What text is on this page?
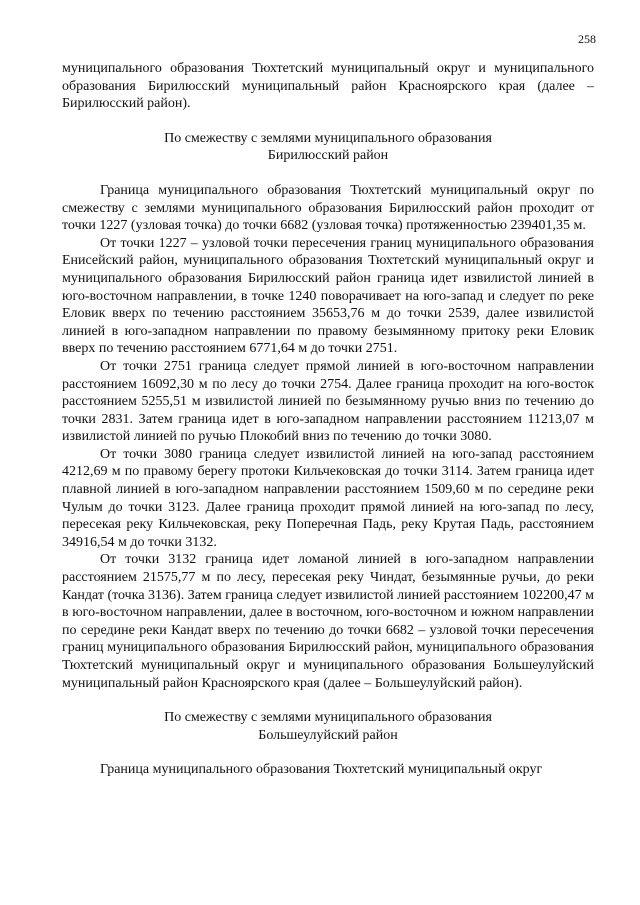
258

муниципального образования Тюхтетский муниципальный округ и муниципального образования Бирилюсский муниципальный район Красноярского края (далее – Бирилюсский район).

По смежеству с землями муниципального образования

Бирилюсский район

Граница муниципального образования Тюхтетский муниципальный округ по смежеству с землями муниципального образования Бирилюсский район проходит от точки 1227 (узловая точка) до точки 6682 (узловая точка) протяженностью 239401,35 м.

От точки 1227 – узловой точки пересечения границ муниципального образования Енисейский район, муниципального образования Тюхтетский муниципальный округ и муниципального образования Бирилюсский район граница идет извилистой линией в юго-восточном направлении, в точке 1240 поворачивает на юго-запад и следует по реке Еловик вверх по течению расстоянием 35653,76 м до точки 2539, далее извилистой линией в юго-западном направлении по правому безымянному притоку реки Еловик вверх по течению расстоянием 6771,64 м до точки 2751.

От точки 2751 граница следует прямой линией в юго-восточном направлении расстоянием 16092,30 м по лесу до точки 2754. Далее граница проходит на юго-восток расстоянием 5255,51 м извилистой линией по безымянному ручью вниз по течению до точки 2831. Затем граница идет в юго-западном направлении расстоянием 11213,07 м извилистой линией по ручью Плокобий вниз по течению до точки 3080.

От точки 3080 граница следует извилистой линией на юго-запад расстоянием 4212,69 м по правому берегу протоки Кильчековская до точки 3114. Затем граница идет плавной линией в юго-западном направлении расстоянием 1509,60 м по середине реки Чулым до точки 3123. Далее граница проходит прямой линией на юго-запад по лесу, пересекая реку Кильчековская, реку Поперечная Падь, реку Крутая Падь, расстоянием 34916,54 м до точки 3132.

От точки 3132 граница идет ломаной линией в юго-западном направлении расстоянием 21575,77 м по лесу, пересекая реку Чиндат, безымянные ручьи, до реки Кандат (точка 3136). Затем граница следует извилистой линией расстоянием 102200,47 м в юго-восточном направлении, далее в восточном, юго-восточном и южном направлении по середине реки Кандат вверх по течению до точки 6682 – узловой точки пересечения границ муниципального образования Бирилюсский район, муниципального образования Тюхтетский муниципальный округ и муниципального образования Большеулуйский муниципальный район Красноярского края (далее – Большеулуйский район).

По смежеству с землями муниципального образования

Большеулуйский район

Граница муниципального образования Тюхтетский муниципальный округ
